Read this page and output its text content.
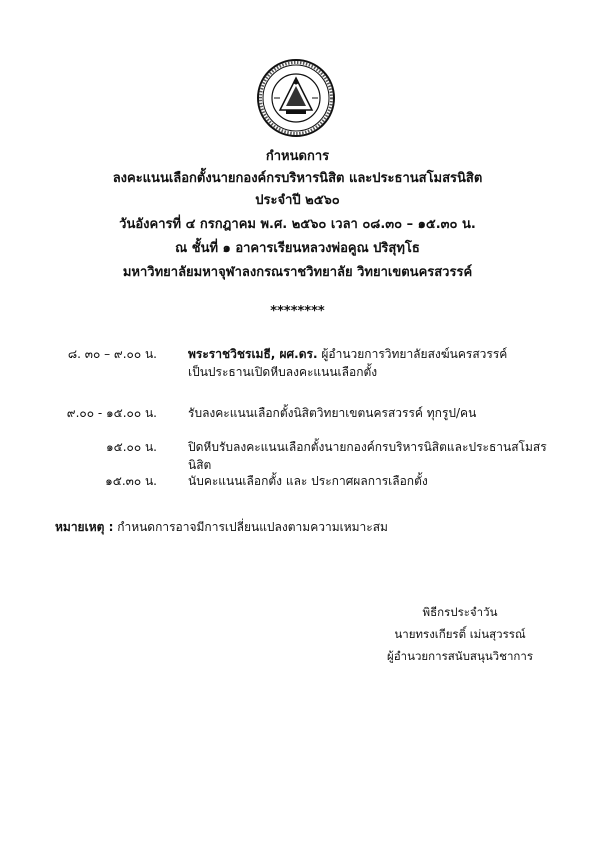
กำหนดการ
ลงคะแนนเลือกตั้งนายกองค์กรบริหารนิสิต และประธานสโมสรนิสิต
ประจำปี ๒๕๖๐
วันอังคารที่ ๔ กรกฎาคม พ.ศ. ๒๕๖๐ เวลา ๐๘.๓๐ – ๑๕.๓๐ น.
ณ ชั้นที่ ๑ อาคารเรียนหลวงพ่อคูณ ปริสุทฺโธ
มหาวิทยาลัยมหาจุฬาลงกรณราชวิทยาลัย วิทยาเขตนครสวรรค์
********
๘. ๓๐ – ๙.๐๐ น.	พระราชวิชรเมธี, ผศ.ดร. ผู้อำนวยการวิทยาลัยสงฆ์นครสวรรค์
เป็นประธานเปิดหีบลงคะแนนเลือกตั้ง
๙.๐๐ - ๑๕.๐๐ น.	รับลงคะแนนเลือกตั้งนิสิตวิทยาเขตนครสวรรค์ ทุกรูป/คน
๑๕.๐๐ น.	ปิดหีบรับลงคะแนนเลือกตั้งนายกองค์กรบริหารนิสิตและประธานสโมสรนิสิต
๑๕.๓๐ น.	นับคะแนนเลือกตั้ง และ ประกาศผลการเลือกตั้ง
หมายเหตุ : กำหนดการอาจมีการเปลี่ยนแปลงตามความเหมาะสม
พิธีกรประจำวัน
นายทรงเกียรติ์ เม่นสุวรรณ์
ผู้อำนวยการสนับสนุนวิชาการ
